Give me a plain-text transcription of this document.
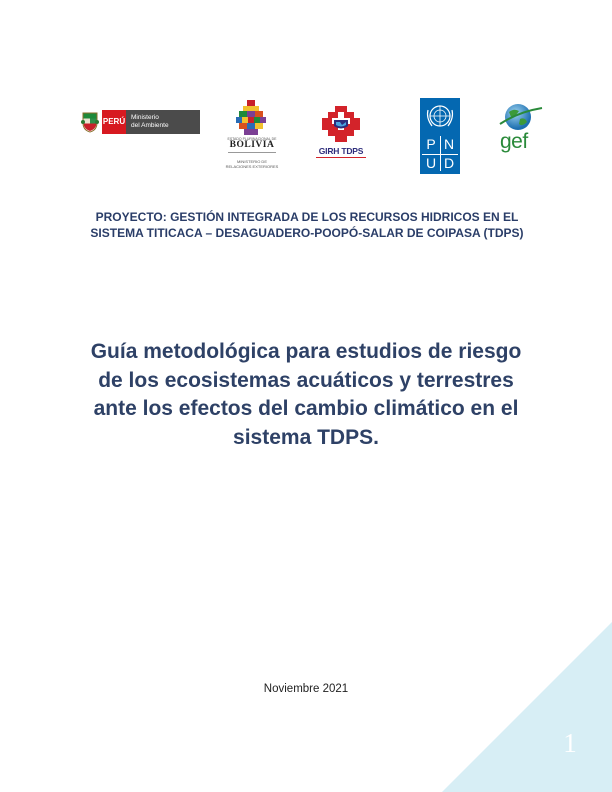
PERÚ Ministerio
del Ambiente
ESTADO PLURINACIONAL DE
BOLIVIA
MINISTERIO DE
RELACIONES EXTERIORES
GIRH TDPS	P N
U D
gef
PROYECTO: GESTIÓN INTEGRADA DE LOS RECURSOS HIDRICOS EN EL SISTEMA TITICACA – DESAGUADERO-POOPÓ-SALAR DE COIPASA (TDPS)
Guía metodológica para estudios de riesgo de los ecosistemas acuáticos y terrestres ante los efectos del cambio climático en el sistema TDPS.
Noviembre 2021
1
